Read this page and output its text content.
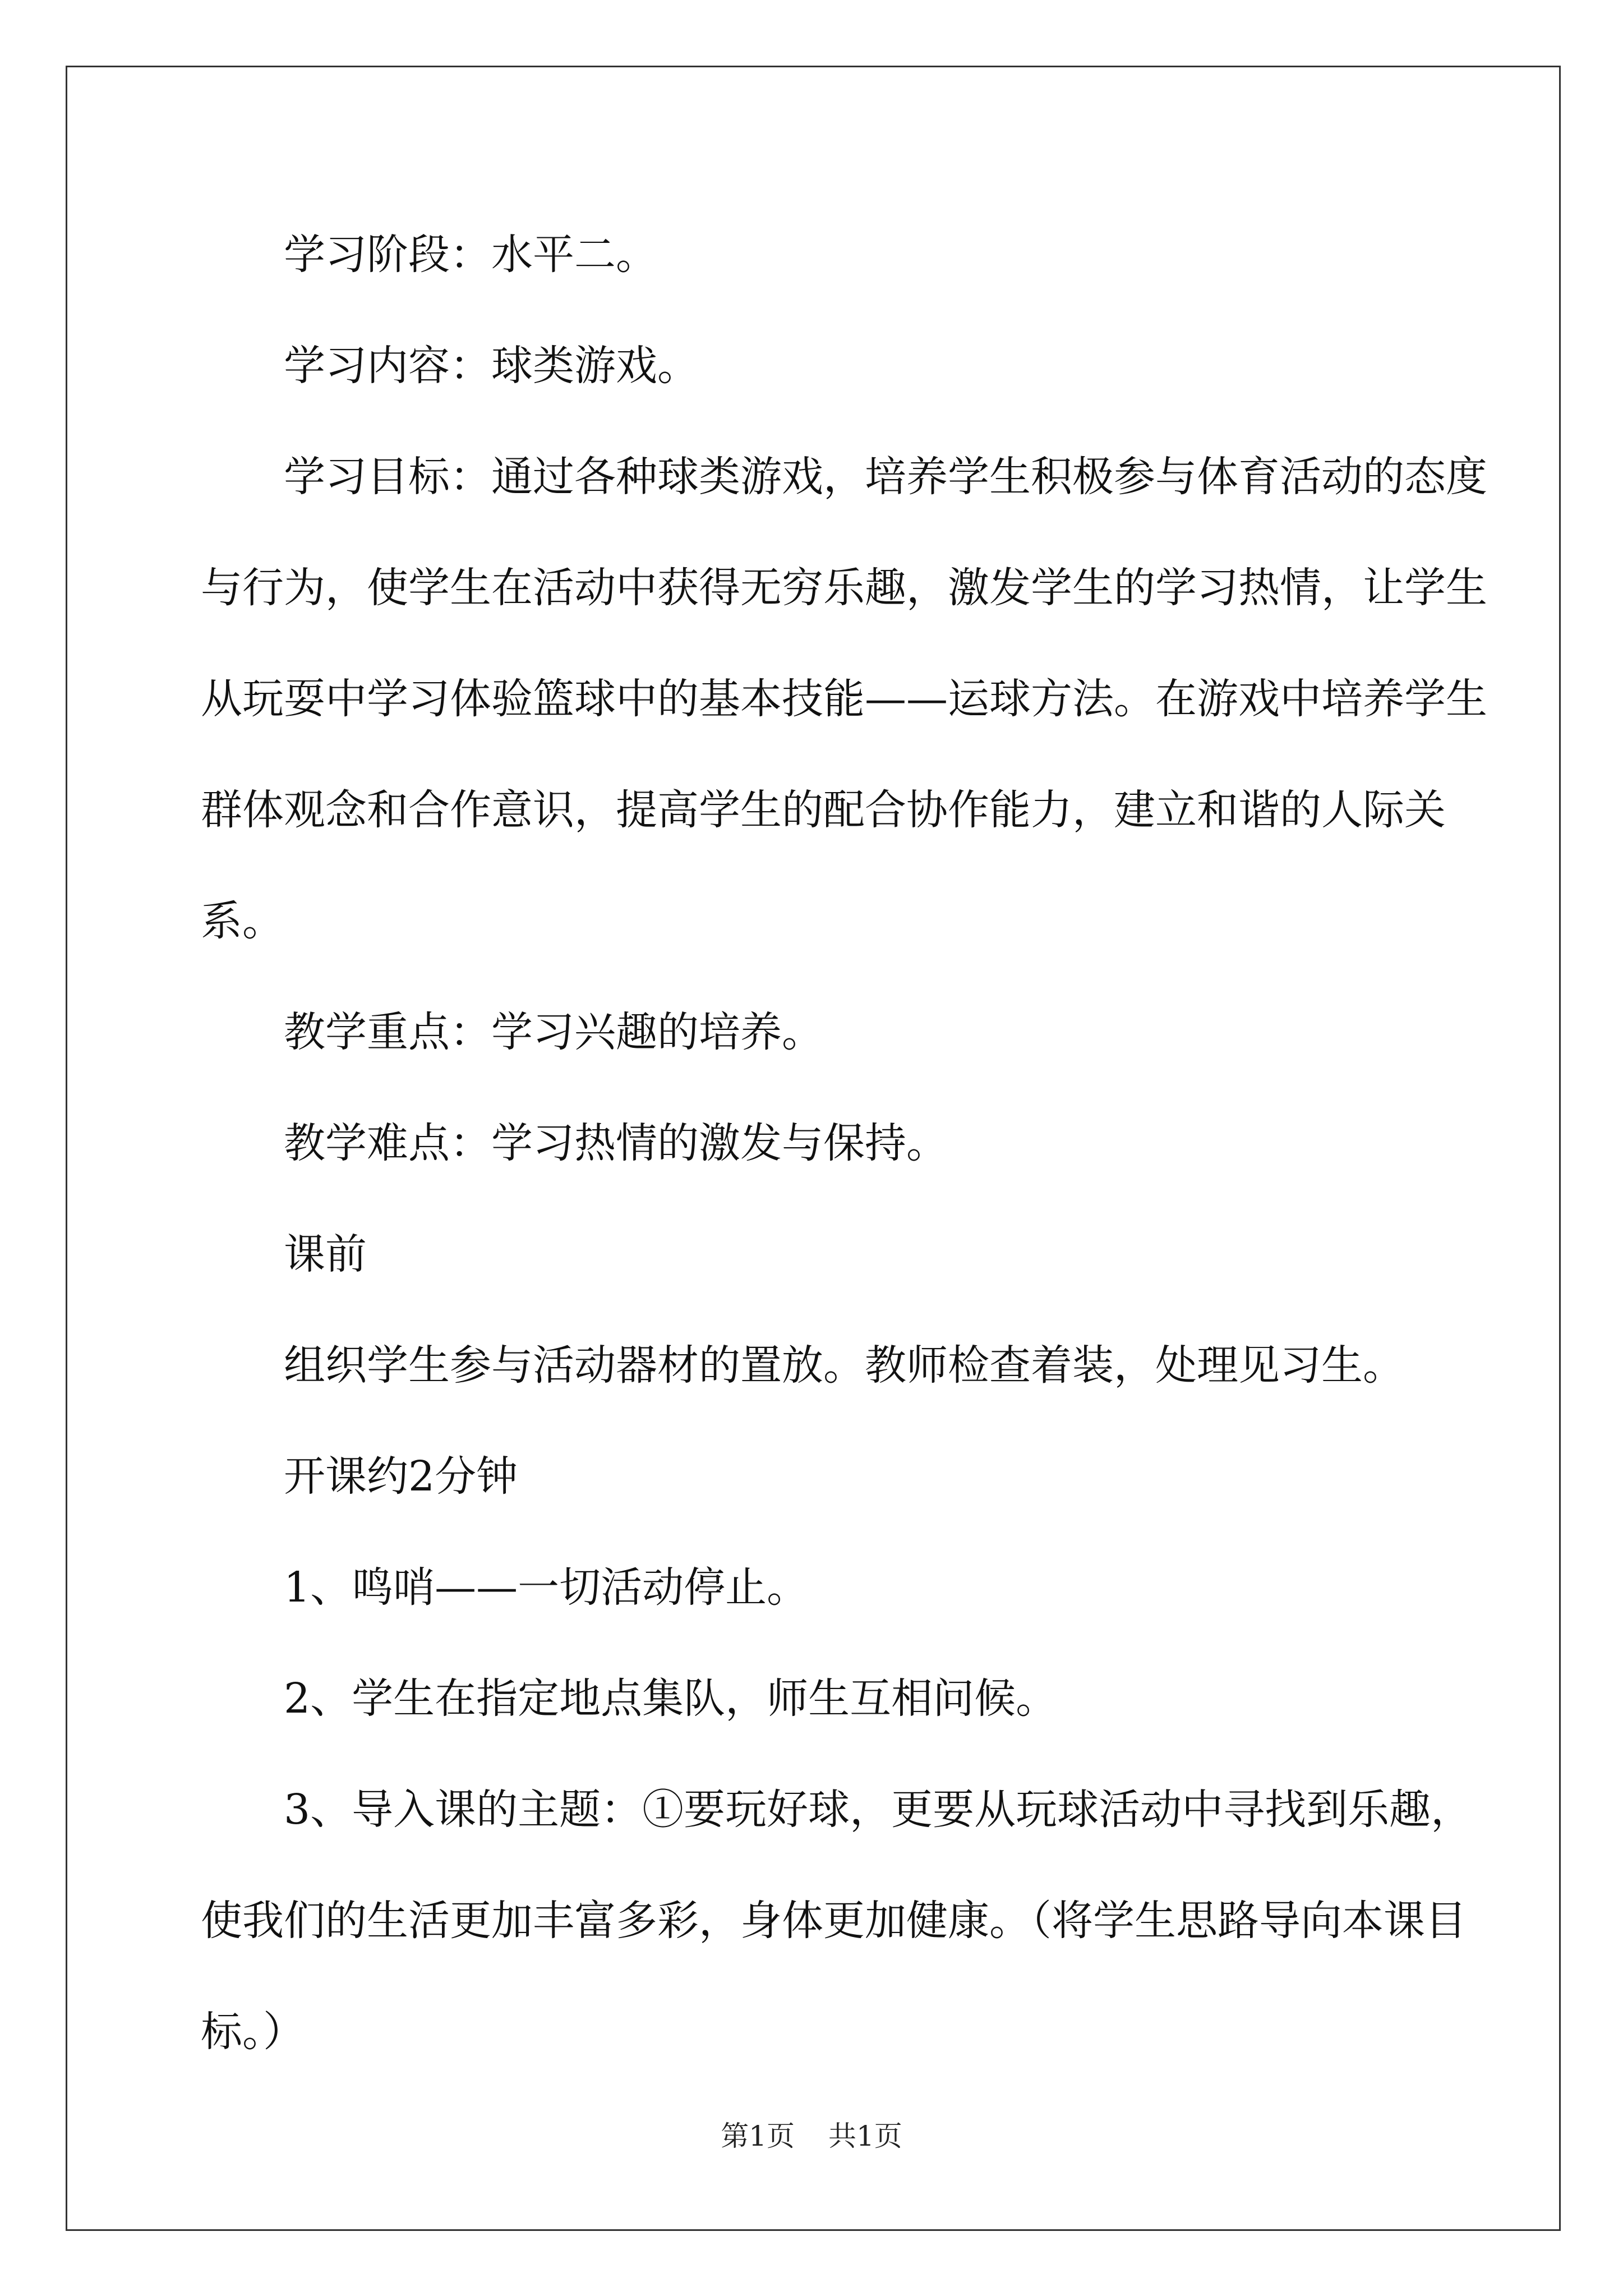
学习阶段：水平二。

学习内容：球类游戏。

学习目标：通过各种球类游戏，培养学生积极参与体育活动的态度与行为，使学生在活动中获得无穷乐趣，激发学生的学习热情，让学生从玩耍中学习体验篮球中的基本技能——运球方法。在游戏中培养学生群体观念和合作意识，提高学生的配合协作能力，建立和谐的人际关系。

教学重点：学习兴趣的培养。

教学难点：学习热情的激发与保持。

课前

组织学生参与活动器材的置放。教师检查着装，处理见习生。

开课约2分钟

1、鸣哨——一切活动停止。

2、学生在指定地点集队，师生互相问候。

3、导入课的主题：①要玩好球，更要从玩球活动中寻找到乐趣，使我们的生活更加丰富多彩，身体更加健康。（将学生思路导向本课目标。）

第1页 共1页
